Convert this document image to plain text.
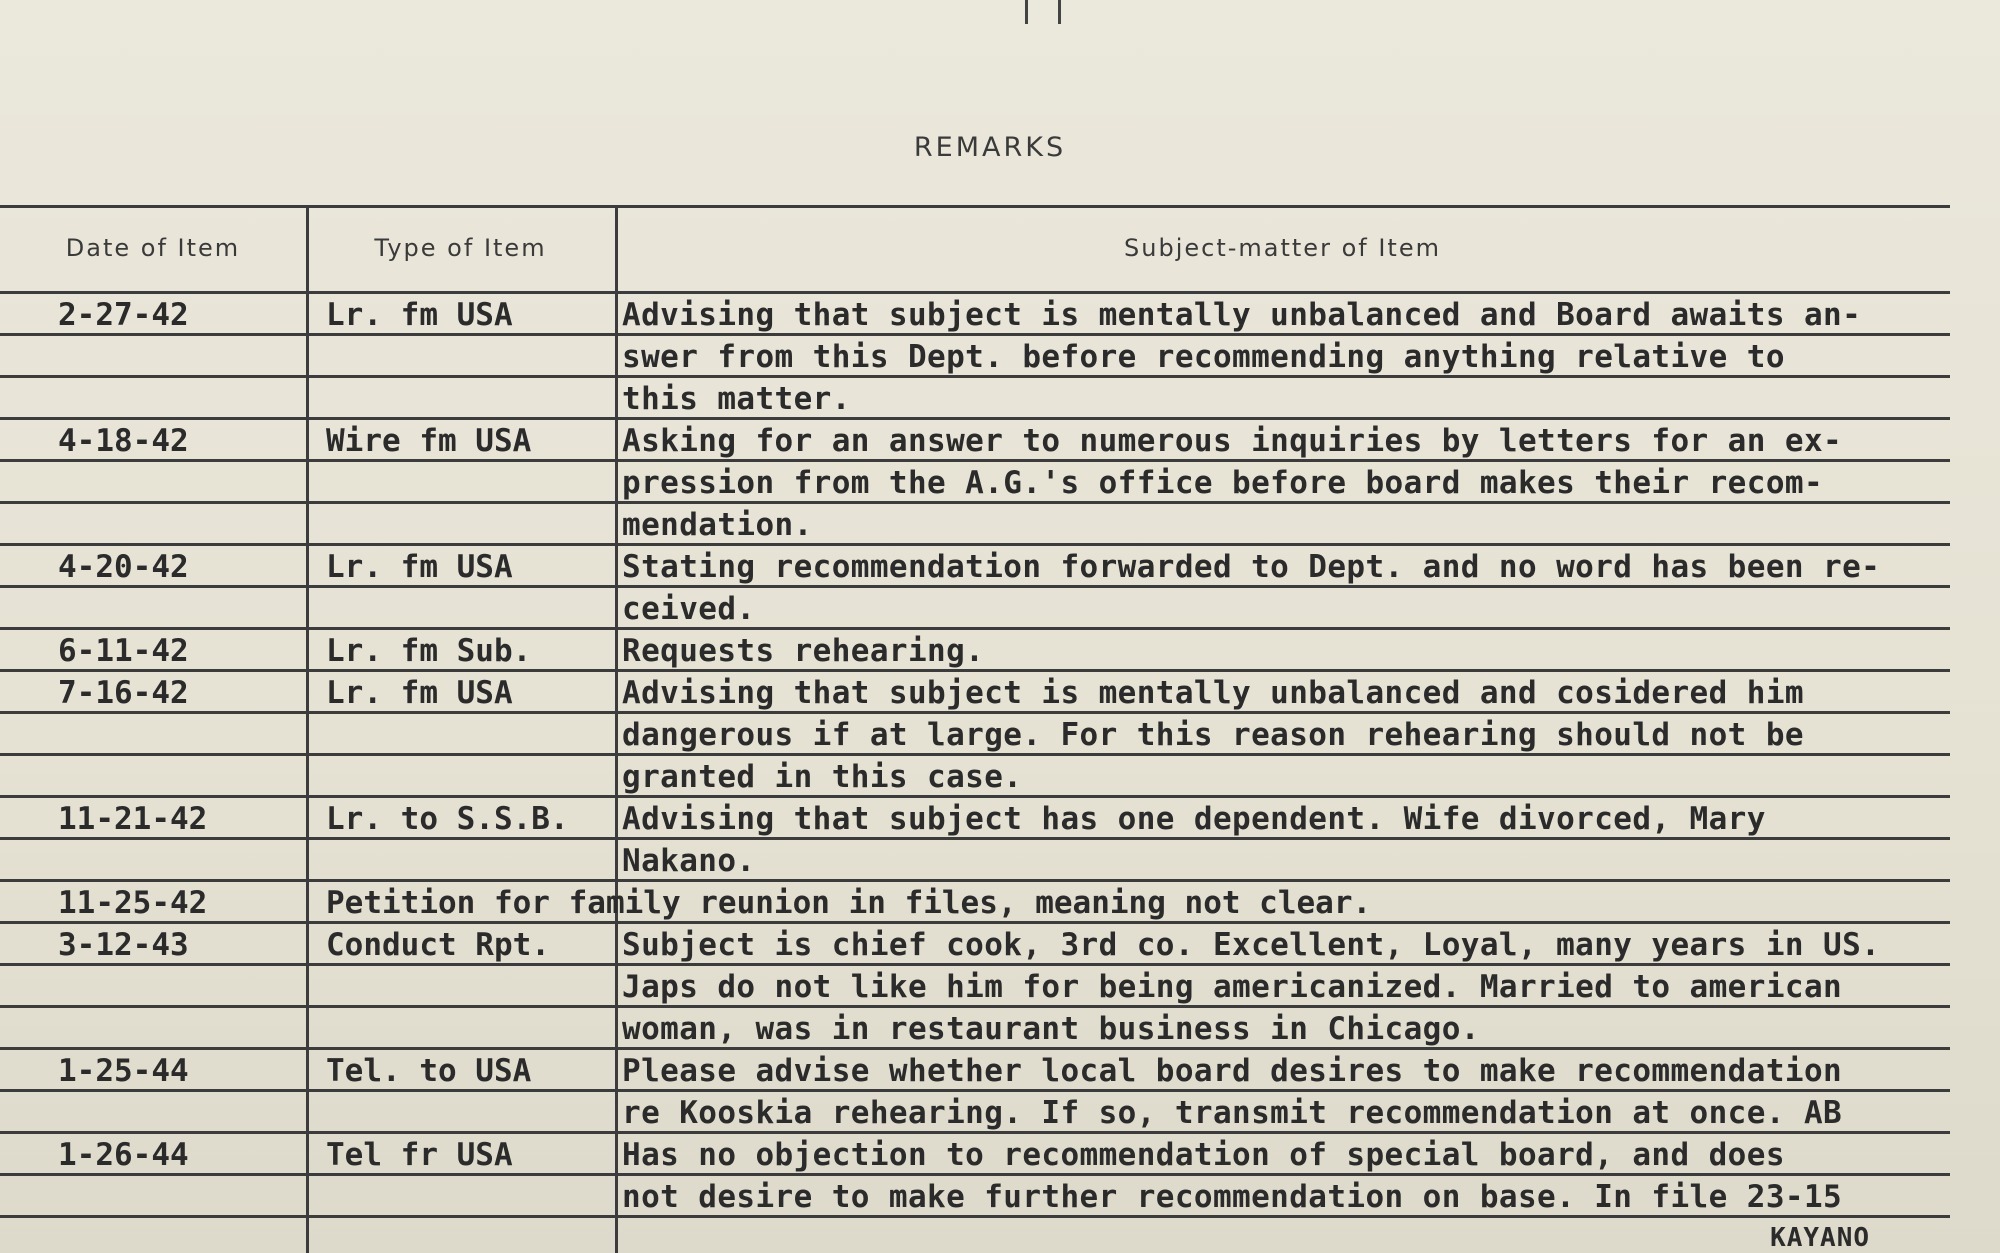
REMARKS
Date of Item	Type of Item	Subject-matter of Item
2-27-42	Lr. fm USA	Advising that subject is mentally unbalanced and Board awaits an-
swer from this Dept. before recommending anything relative to
this matter.
4-18-42	Wire fm USA	Asking for an answer to numerous inquiries by letters for an ex-
pression from the A.G.'s office before board makes their recom-
mendation.
4-20-42	Lr. fm USA	Stating recommendation forwarded to Dept. and no word has been re-
ceived.
6-11-42	Lr. fm Sub.	Requests rehearing.
7-16-42	Lr. fm USA	Advising that subject is mentally unbalanced and cosidered him
dangerous if at large. For this reason rehearing should not be
granted in this case.
11-21-42	Lr. to S.S.B.	Advising that subject has one dependent. Wife divorced, Mary
Nakano.
11-25-42	Petition for family reunion in files, meaning not clear.
3-12-43	Conduct Rpt.	Subject is chief cook, 3rd co. Excellent, Loyal, many years in US.
Japs do not like him for being americanized. Married to american
woman, was in restaurant business in Chicago.
1-25-44	Tel. to USA	Please advise whether local board desires to make recommendation
re Kooskia rehearing. If so, transmit recommendation at once. AB
1-26-44	Tel fr USA	Has no objection to recommendation of special board, and does
not desire to make further recommendation on base. In file 23-15
KAYANO
